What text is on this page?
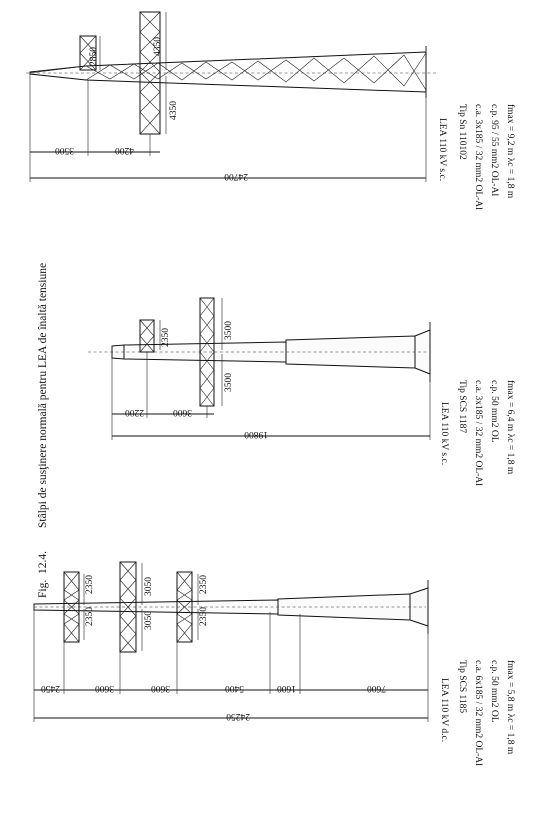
Fig.
12.4.
Stâlpi de susţinere normală pentru LEA de înaltă tensiune
2350
2350
3050
3050
2350
2350
2450	3600	3600	5400	1600	7600
24250	LEA 110 kV d.c. Tip SCS 1185 c.a. 6x185 / 32 mm2 OL-Al c.p. 50 mm2 OL fmax = 5,8 m λc = 1,8 m
2350
3500
3500
2200	3600
19800	LEA 110 kV s.c. Tip SCS 1187 c.a. 3x185 / 32 mm2 OL-Al c.p. 50 mm2 OL fmax = 6,4 m λc = 1,8 m
2850
4350
4350
3500	4200
24700	LEA 110 kV s.c. Tip Sn 110102 c.a. 3x185 / 32 mm2 OL-Al c.p. 95 / 55 mm2 OL-Al fmax = 9,2 m λc = 1,8 m
